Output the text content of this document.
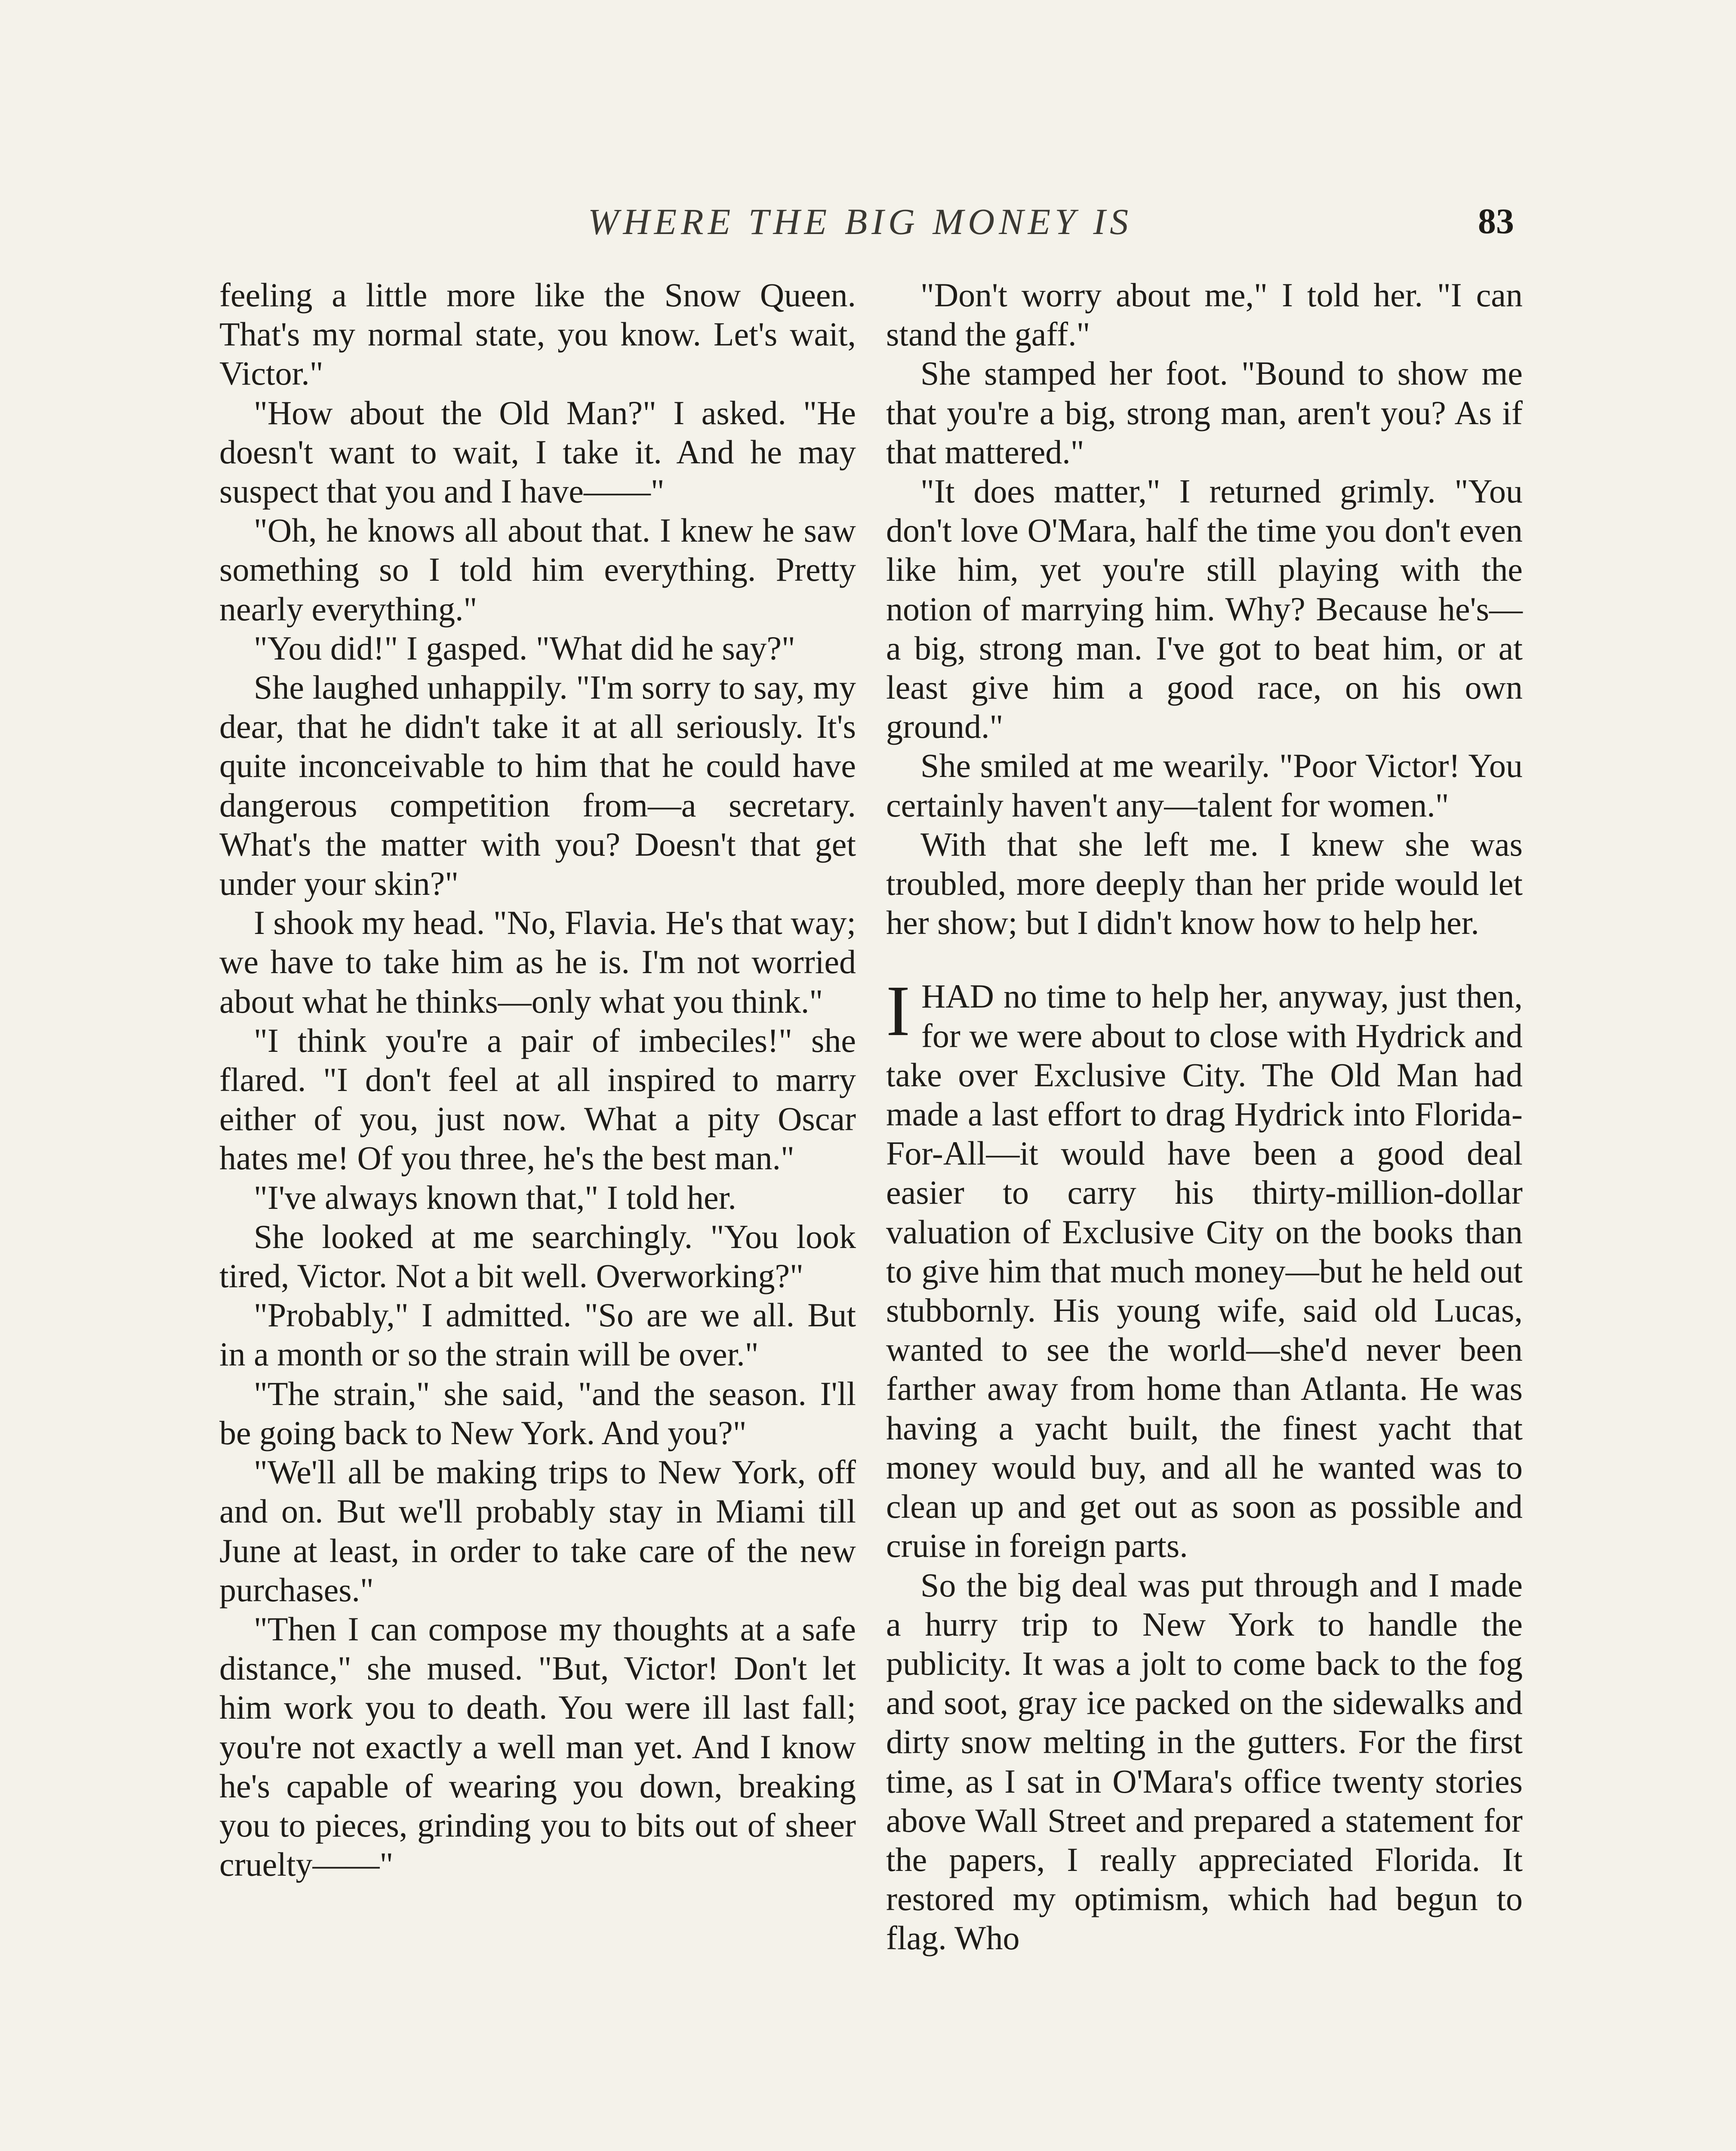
WHERE THE BIG MONEY IS	83

feeling a little more like the Snow Queen. That's my normal state, you know. Let's wait, Victor."

"How about the Old Man?" I asked. "He doesn't want to wait, I take it. And he may suspect that you and I have——"

"Oh, he knows all about that. I knew he saw something so I told him everything. Pretty nearly everything."

"You did!" I gasped. "What did he say?"

She laughed unhappily. "I'm sorry to say, my dear, that he didn't take it at all seriously. It's quite inconceivable to him that he could have dangerous competition from—a secretary. What's the matter with you? Doesn't that get under your skin?"

I shook my head. "No, Flavia. He's that way; we have to take him as he is. I'm not worried about what he thinks—only what you think."

"I think you're a pair of imbeciles!" she flared. "I don't feel at all inspired to marry either of you, just now. What a pity Oscar hates me! Of you three, he's the best man."

"I've always known that," I told her.

She looked at me searchingly. "You look tired, Victor. Not a bit well. Overworking?"

"Probably," I admitted. "So are we all. But in a month or so the strain will be over."

"The strain," she said, "and the season. I'll be going back to New York. And you?"

"We'll all be making trips to New York, off and on. But we'll probably stay in Miami till June at least, in order to take care of the new purchases."

"Then I can compose my thoughts at a safe distance," she mused. "But, Victor! Don't let him work you to death. You were ill last fall; you're not exactly a well man yet. And I know he's capable of wearing you down, breaking you to pieces, grinding you to bits out of sheer cruelty——"

"Don't worry about me," I told her. "I can stand the gaff."

She stamped her foot. "Bound to show me that you're a big, strong man, aren't you? As if that mattered."

"It does matter," I returned grimly. "You don't love O'Mara, half the time you don't even like him, yet you're still playing with the notion of marrying him. Why? Because he's—a big, strong man. I've got to beat him, or at least give him a good race, on his own ground."

She smiled at me wearily. "Poor Victor! You certainly haven't any—talent for women."

With that she left me. I knew she was troubled, more deeply than her pride would let her show; but I didn't know how to help her.

IHAD no time to help her, anyway, just then, for we were about to close with Hydrick and take over Exclusive City. The Old Man had made a last effort to drag Hydrick into Florida-For-All—it would have been a good deal easier to carry his thirty-million-dollar valuation of Exclusive City on the books than to give him that much money—but he held out stubbornly. His young wife, said old Lucas, wanted to see the world—she'd never been farther away from home than Atlanta. He was having a yacht built, the finest yacht that money would buy, and all he wanted was to clean up and get out as soon as possible and cruise in foreign parts.

So the big deal was put through and I made a hurry trip to New York to handle the publicity. It was a jolt to come back to the fog and soot, gray ice packed on the sidewalks and dirty snow melting in the gutters. For the first time, as I sat in O'Mara's office twenty stories above Wall Street and prepared a statement for the papers, I really appreciated Florida. It restored my optimism, which had begun to flag. Who
